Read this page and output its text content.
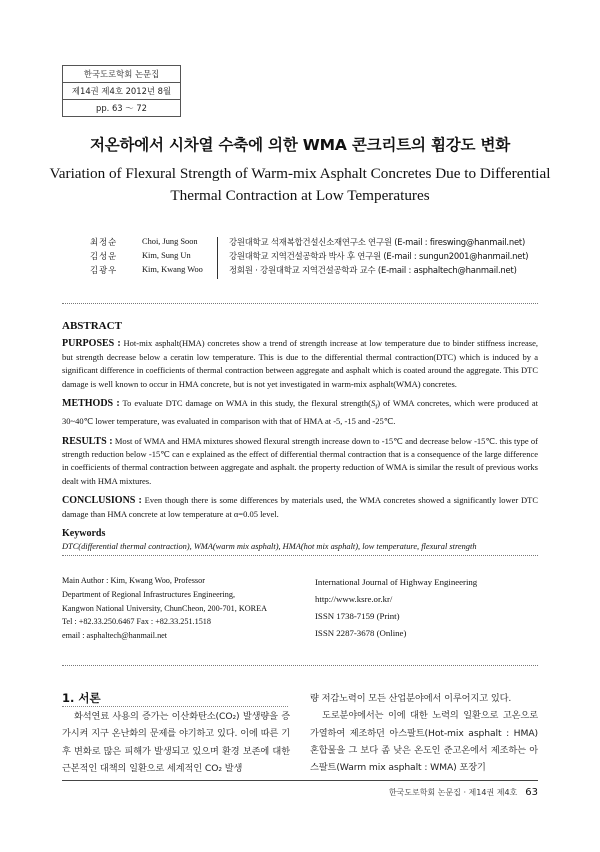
한국도로학회 논문집
제14권 제4호 2012년 8월
pp. 63 ～ 72
저온하에서 시차열 수축에 의한 WMA 콘크리트의 휨강도 변화
Variation of Flexural Strength of Warm-mix Asphalt Concretes Due to Differential
Thermal Contraction at Low Temperatures
최정순	Choi, Jung Soon	강원대학교 석재복합건설신소재연구소 연구원 (E-mail : fireswing@hanmail.net)
김성운	Kim, Sung Un	강원대학교 지역건설공학과 박사 후 연구원 (E-mail : sungun2001@hanmail.net)
김광우	Kim, Kwang Woo	정회원 · 강원대학교 지역건설공학과 교수 (E-mail : asphaltech@hanmail.net)
ABSTRACT

PURPOSES : Hot-mix asphalt(HMA) concretes show a trend of strength increase at low temperature due to binder stiffness increase, but strength decrease below a ceratin low temperature. This is due to the differential thermal contraction(DTC) which is induced by a significant difference in coefficients of thermal contraction between aggregate and asphalt which is coated around the aggregate. This DTC damage is well known to occur in HMA concrete, but is not yet investigated in warm-mix asphalt(WMA) concretes.

METHODS : To evaluate DTC damage on WMA in this study, the flexural $strength(S_f)$ of WMA concretes, which were produced at 30~40℃ lower temperature, was evaluated in comparison with that of HMA at -5, -15 and -25℃.

RESULTS : Most of WMA and HMA mixtures showed flexural strength increase down to -15℃ and decrease below -15℃. this type of strength reduction below -15℃ can e explained as the effect of differential thermal contraction that is a consequence of the large difference in coefficients of thermal contraction between aggregate and asphalt. the property reduction of WMA is similar the result of previous works dealt with HMA mixtures.

CONCLUSIONS : Even though there is some differences by materials used, the WMA concretes showed a significantly lower DTC damage than HMA concrete at low temperature at α=0.05 level.

Keywords
DTC(differential thermal contraction), WMA(warm mix asphalt), HMA(hot mix asphalt), low temperature, flexural strength
Main Author : Kim, Kwang Woo, Professor
Department of Regional Infrastructures Engineering,
Kangwon National University, ChunCheon, 200-701, KOREA
Tel : +82.33.250.6467 Fax : +82.33.251.1518
email : asphaltech@hanmail.net
International Journal of Highway Engineering
http://www.ksre.or.kr/
ISSN 1738-7159 (Print)
ISSN 2287-3678 (Online)
1. 서론

화석연료 사용의 증가는 이산화탄소(CO₂) 발생량을 증가시켜 지구 온난화의 문제를 야기하고 있다. 이에 따른 기후 변화로 많은 피해가 발생되고 있으며 환경 보존에 대한 근본적인 대책의 일환으로 세계적인 CO₂ 발생

량 저감노력이 모든 산업분야에서 이루어지고 있다.

도로분야에서는 이에 대한 노력의 일환으로 고온으로 가열하여 제조하던 아스팔트(Hot-mix asphalt : HMA) 혼합물을 그 보다 좀 낮은 온도인 준고온에서 제조하는 아스팔트(Warm mix asphalt : WMA) 포장기

한국도로학회 논문집 · 제14권 제4호 63
